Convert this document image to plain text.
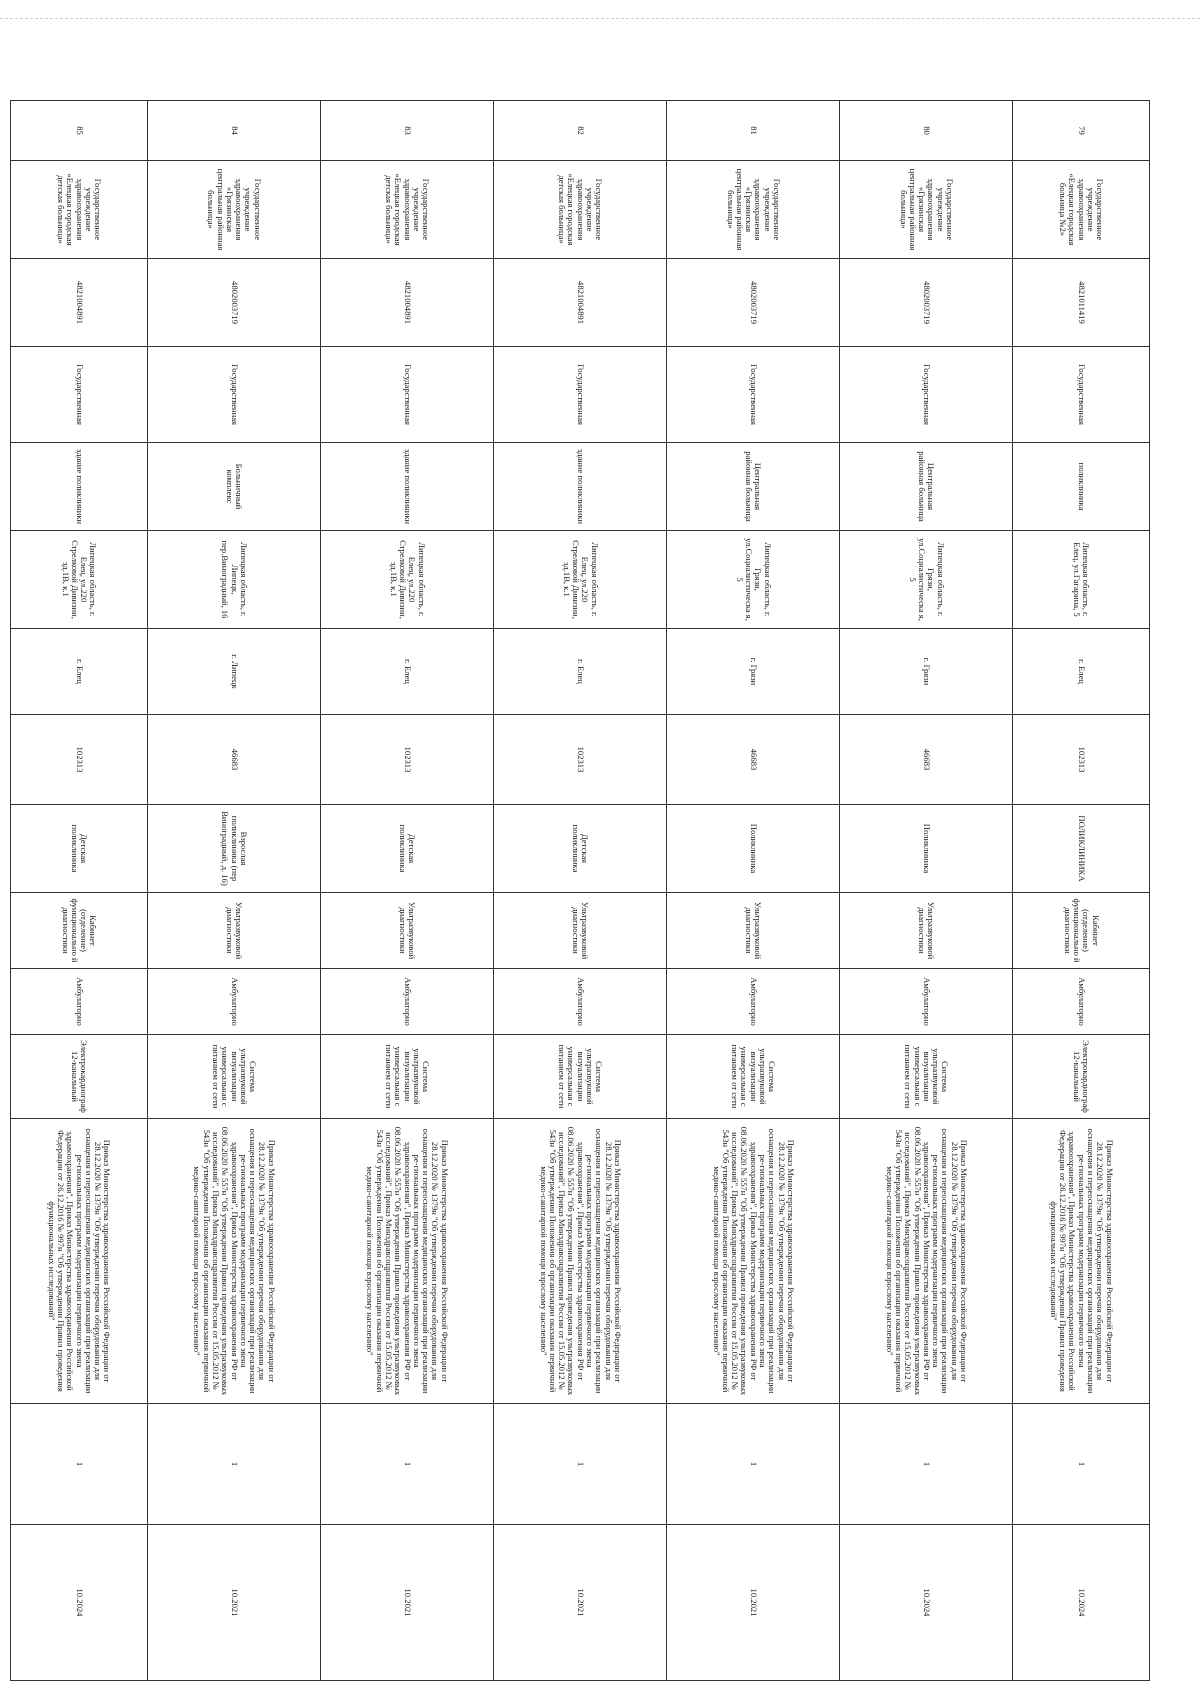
79	Государственное учреждение здравоохранения «Елецкая городская больница №2»	4821011419	Государственная	поликлиника	Липецкая область, г. Елец, ул.Гагарина, 5	г. Елец	102313	ПОЛИКЛИНИКА	Кабинет (отделение) функционально й диагностики	Амбулаторно	Электрокардиограф 12-канальный	Приказ Министерства здравоохранения Российской Федерации от 28.12.2020 № 1379н "Об утверждении перечня оборудования для оснащения и переоснащения медицинских организаций при реализации ре-гиональных программ модернизации первичного звена здравоохранения", Приказ Министерства здравоохранения Российской Федерации от 26.12.2016 № 997н "Об утверждении Правил проведения функциональных исследований"	1	10.2024
80	Государственное учреждение здравоохранения «Грязинская центральная районная больница»	4802003719	Государственная	Центральная районная больница	Липецкая область, г. Грязи, ул.Социалистическа я, 5	г. Грязи	46683	Поликлиника	Ультразвуковой диагностики	Амбулаторно	Система ультразвуковой визуализации универсальная с питанием от сети	Приказ Министерства здравоохранения Российской Федерации от 28.12.2020 № 1379н "Об утверждении перечня оборудования для оснащения и переоснащения медицинских организаций при реализации ре-гиональных программ модернизации первичного звена здравоохранения", Приказ Министерства здравоохранения РФ от 08.06.2020 № 557н "Об утверждении Правил проведения ультразвуковых исследований", Приказ Минздравсоцразвития России от 15.05.2012 № 543н "Об утверждении Положения об организации оказания первичной медико-санитарной помощи взрослому населению"	1	10.2024
81	Государственное учреждение здравоохранения «Грязинская центральная районная больница»	4802003719	Государственная	Центральная районная больница	Липецкая область, г. Грязи, ул.Социалистическа я, 5	г. Грязи	46683	Поликлиника	Ультразвуковой диагностики	Амбулаторно	Система ультразвуковой визуализации универсальная с питанием от сети	Приказ Министерства здравоохранения Российской Федерации от 28.12.2020 № 1379н "Об утверждении перечня оборудования для оснащения и переоснащения медицинских организаций при реализации ре-гиональных программ модернизации первичного звена здравоохранения", Приказ Министерства здравоохранения РФ от 08.06.2020 № 557н "Об утверждении Правил проведения ультразвуковых исследований", Приказ Минздравсоцразвития России от 15.05.2012 № 543н "Об утверждении Положения об организации оказания первичной медико-санитарной помощи взрослому населению"	1	10.2021
82	Государственное учреждение здравоохранения «Елецкая городская детская больница»	4821004891	Государственная	здание поликлиники	Липецкая область, г. Елец, ул.220 Стрелковой Дивизии, зд.1В, к.1	г. Елец	102313	Детская поликлиника	Ультразвуковой диагностики	Амбулаторно	Система ультразвуковой визуализации универсальная с питанием от сети	Приказ Министерства здравоохранения Российской Федерации от 28.12.2020 № 1379н "Об утверждении перечня оборудования для оснащения и переоснащения медицинских организаций при реализации ре-гиональных программ модернизации первичного звена здравоохранения", Приказ Министерства здравоохранения РФ от 08.06.2020 № 557н "Об утверждении Правил проведения ультразвуковых исследований", Приказ Минздравсоцразвития России от 15.05.2012 № 543н "Об утверждении Положения об организации оказания первичной медико-санитарной помощи взрослому населению"	1	10.2021
83	Государственное учреждение здравоохранения «Елецкая городская детская больница»	4821004891	Государственная	здание поликлиники	Липецкая область, г. Елец, ул.220 Стрелковой Дивизии, зд.1В, к.1	г. Елец	102313	Детская поликлиника	Ультразвуковой диагностики	Амбулаторно	Система ультразвуковой визуализации универсальная с питанием от сети	Приказ Министерства здравоохранения Российской Федерации от 28.12.2020 № 1379н "Об утверждении перечня оборудования для оснащения и переоснащения медицинских организаций при реализации ре-гиональных программ модернизации первичного звена здравоохранения", Приказ Министерства здравоохранения РФ от 08.06.2020 № 557н "Об утверждении Правил проведения ультразвуковых исследований", Приказ Минздравсоцразвития России от 15.05.2012 № 543н "Об утверждении Положения об организации оказания первичной медико-санитарной помощи взрослому населению"	1	10.2021
84	Государственное учреждение здравоохранения «Грязинская центральная районная больница»	4802003719	Государственная	Больничный комплекс	Липецкая область, г. Липецк, пер.Виноградный, 16	г. Липецк	46683	Взрослая поликлиника (пер Виноградный, д. 16)	Ультразвуковой диагностики	Амбулаторно	Система ультразвуковой визуализации универсальная с питанием от сети	Приказ Министерства здравоохранения Российской Федерации от 28.12.2020 № 1379н "Об утверждении перечня оборудования для оснащения и переоснащения медицинских организаций при реализации ре-гиональных программ модернизации первичного звена здравоохранения", Приказ Министерства здравоохранения РФ от 08.06.2020 № 557н "Об утверждении Правил проведения ультразвуковых исследований", Приказ Минздравсоцразвития России от 15.05.2012 № 543н "Об утверждении Положения об организации оказания первичной медико-санитарной помощи взрослому населению"	1	10.2021
85	Государственное учреждение здравоохранения «Елецкая городская детская больница»	4821004891	Государственная	здание поликлиники	Липецкая область, г. Елец, ул.220 Стрелковой Дивизии, зд.1В, к.1	г. Елец	102313	Детская поликлиника	Кабинет (отделение) функционально й диагностики	Амбулаторно	Электрокардиограф 12-канальный	Приказ Министерства здравоохранения Российской Федерации от 28.12.2020 № 1379н "Об утверждении перечня оборудования для оснащения и переоснащения медицинских организаций при реализации ре-гиональных программ модернизации первичного звена здравоохранения", Приказ Министерства здравоохранения Российской Федерации от 26.12.2016 № 997н "Об утверждении Правил проведения функциональных исследований"	1	10.2024
